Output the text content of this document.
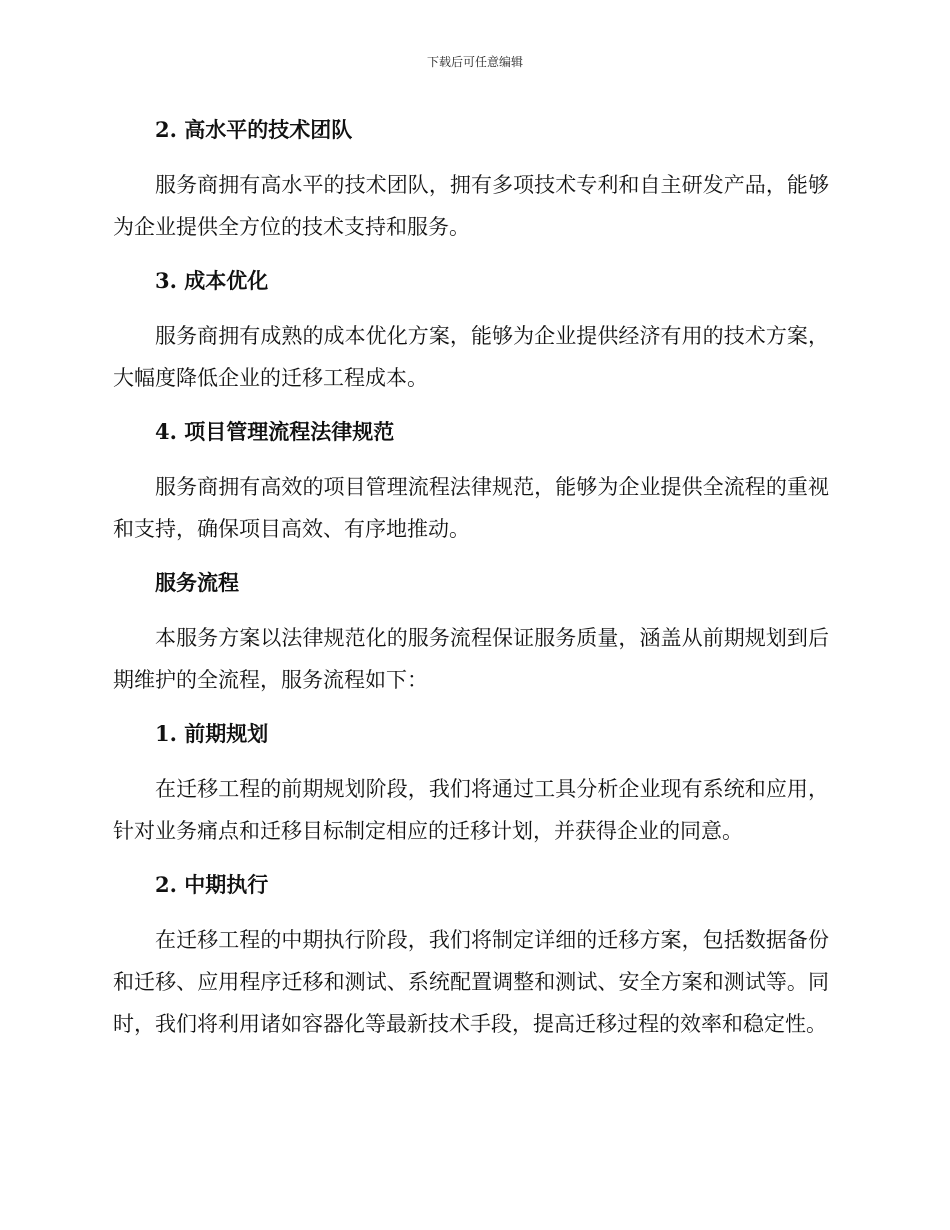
下载后可任意编辑
2. 高水平的技术团队

服务商拥有高水平的技术团队，拥有多项技术专利和自主研发产品，能够为企业提供全方位的技术支持和服务。

3. 成本优化

服务商拥有成熟的成本优化方案，能够为企业提供经济有用的技术方案，大幅度降低企业的迁移工程成本。

4. 项目管理流程法律规范

服务商拥有高效的项目管理流程法律规范，能够为企业提供全流程的重视和支持，确保项目高效、有序地推动。

服务流程

本服务方案以法律规范化的服务流程保证服务质量，涵盖从前期规划到后期维护的全流程，服务流程如下：

1. 前期规划

在迁移工程的前期规划阶段，我们将通过工具分析企业现有系统和应用，针对业务痛点和迁移目标制定相应的迁移计划，并获得企业的同意。

2. 中期执行

在迁移工程的中期执行阶段，我们将制定详细的迁移方案，包括数据备份和迁移、应用程序迁移和测试、系统配置调整和测试、安全方案和测试等。同时，我们将利用诸如容器化等最新技术手段，提高迁移过程的效率和稳定性。
